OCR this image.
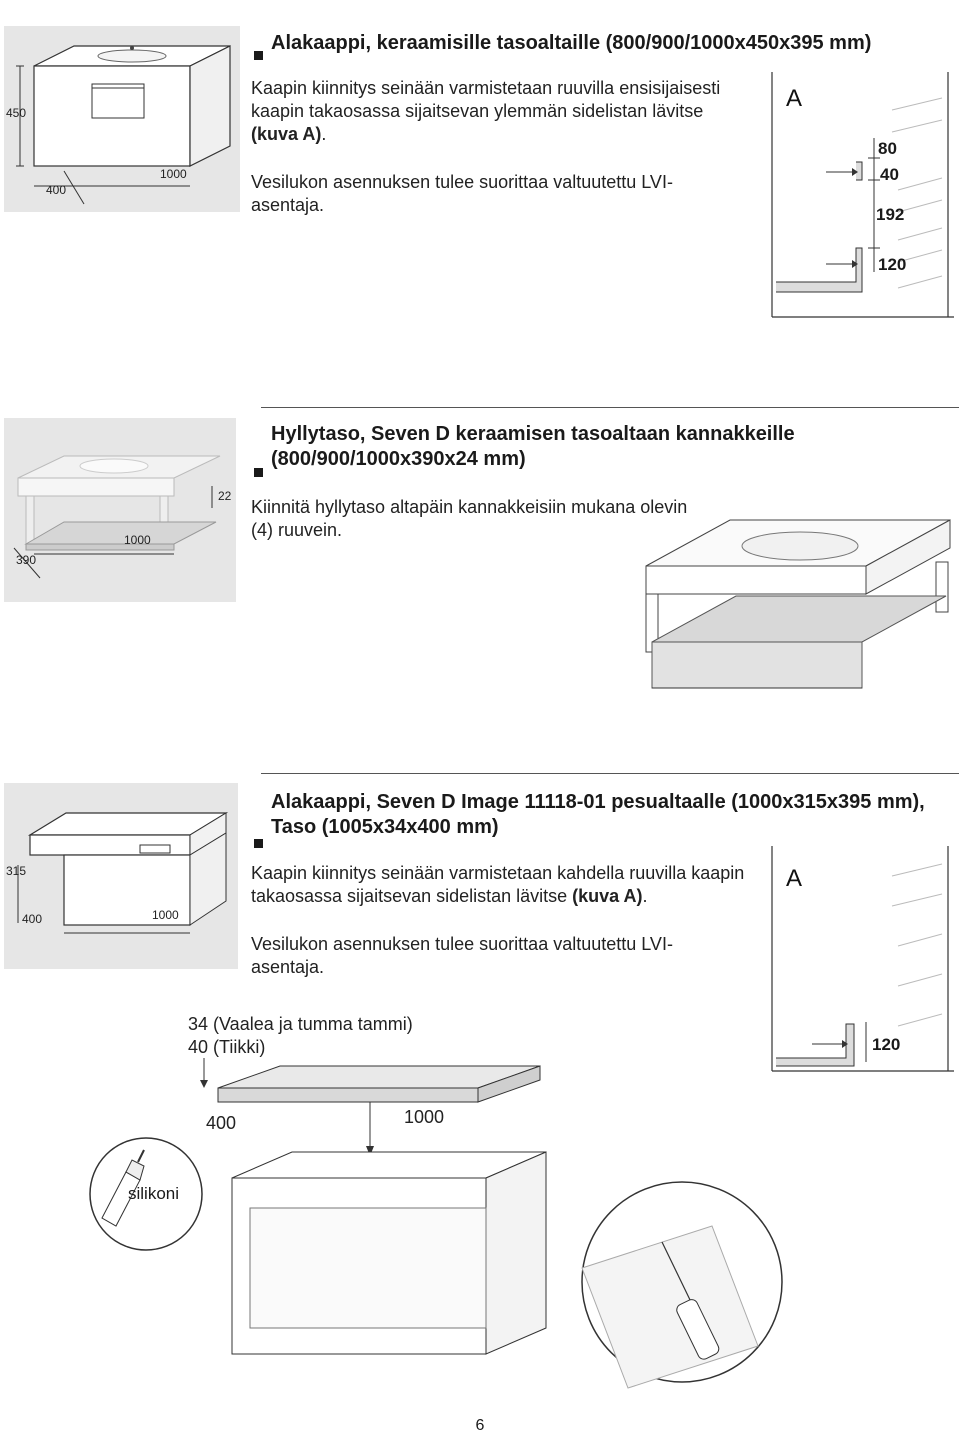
450
400
1000
Alakaappi, keraamisille tasoaltaille (800/900/1000x450x395 mm)
Kaapin kiinnitys seinään varmistetaan ruuvilla ensisijaisesti kaapin takaosassa sijaitsevan ylemmän sidelistan lävitse (kuva A).
Vesilukon asennuksen tulee suorittaa valtuutettu LVI-asentaja.
A
80
40
192
120
22
1000
390
Hyllytaso, Seven D keraamisen tasoaltaan kannakkeille (800/900/1000x390x24 mm)
Kiinnitä hyllytaso altapäin kannakkeisiin mukana olevin (4) ruuvein.
315
400	1000
Alakaappi, Seven D Image 11118-01 pesualtaalle (1000x315x395 mm), Taso (1005x34x400 mm)
Kaapin kiinnitys seinään varmistetaan kahdella ruuvilla kaapin takaosassa sijaitsevan sidelistan lävitse (kuva A).
Vesilukon asennuksen tulee suorittaa valtuutettu LVI-asentaja.
A
120
34 (Vaalea ja tumma tammi)
40 (Tiikki)
400	1000
silikoni
6
